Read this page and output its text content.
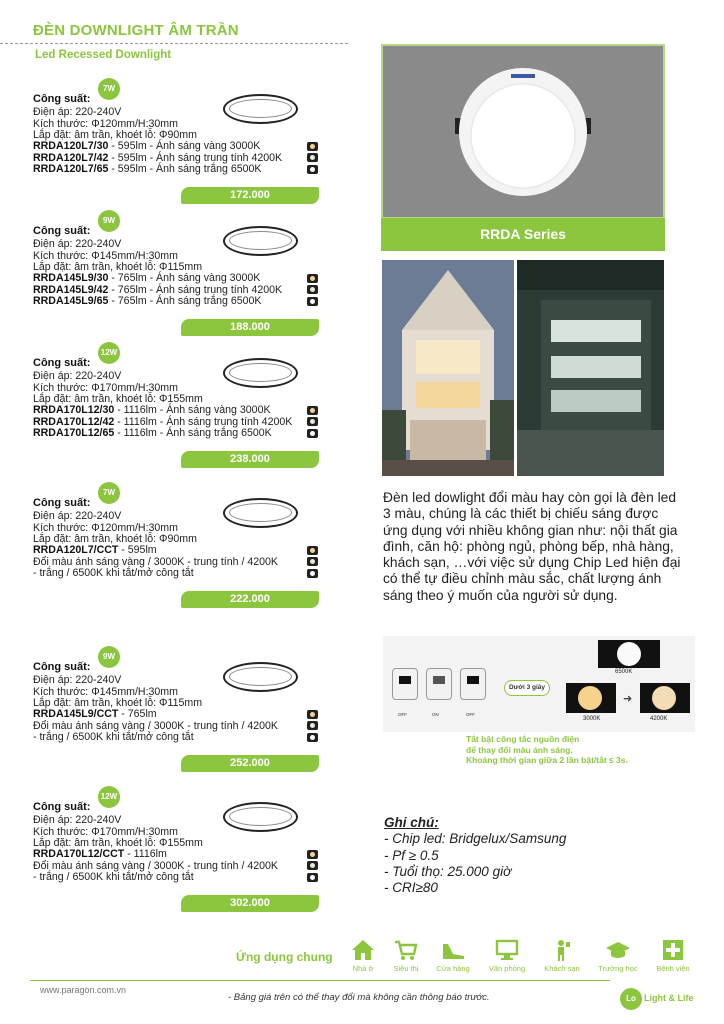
ĐÈN DOWNLIGHT ÂM TRẦN
Led Recessed Downlight
Công suất:
7W
Điện áp: 220-240V
Kích thước: Φ120mm/H:30mm
Lắp đặt: âm trần, khoét lỗ: Φ90mm
RRDA120L7/30 - 595lm - Ánh sáng vàng 3000K
RRDA120L7/42 - 595lm - Ánh sáng trung tính 4200K
RRDA120L7/65 - 595lm - Ánh sáng trắng 6500K
172.000
Công suất:
9W
Điện áp: 220-240V
Kích thước: Φ145mm/H:30mm
Lắp đặt: âm trần, khoét lỗ: Φ115mm
RRDA145L9/30 - 765lm - Ánh sáng vàng 3000K
RRDA145L9/42 - 765lm - Ánh sáng trung tính 4200K
RRDA145L9/65 - 765lm - Ánh sáng trắng 6500K
188.000
Công suất:
12W
Điện áp: 220-240V
Kích thước: Φ170mm/H:30mm
Lắp đặt: âm trần, khoét lỗ: Φ155mm
RRDA170L12/30 - 1116lm - Ánh sáng vàng 3000K
RRDA170L12/42 - 1116lm - Ánh sáng trung tính 4200K
RRDA170L12/65 - 1116lm - Ánh sáng trắng 6500K
238.000
Công suất:
7W
Điện áp: 220-240V
Kích thước: Φ120mm/H:30mm
Lắp đặt: âm trần, khoét lỗ: Φ90mm
RRDA120L7/CCT - 595lm
Đổi màu ánh sáng vàng / 3000K - trung tính / 4200K
- trắng / 6500K khi tắt/mở công tắt
222.000
Công suất:
9W
Điện áp: 220-240V
Kích thước: Φ145mm/H:30mm
Lắp đặt: âm trần, khoét lỗ: Φ115mm
RRDA145L9/CCT - 765lm
Đổi màu ánh sáng vàng / 3000K - trung tính / 4200K
- trắng / 6500K khi tắt/mở công tắt
252.000
Công suất:
12W
Điện áp: 220-240V
Kích thước: Φ170mm/H:30mm
Lắp đặt: âm trần, khoét lỗ: Φ155mm
RRDA170L12/CCT - 1116lm
Đổi màu ánh sáng vàng / 3000K - trung tính / 4200K
- trắng / 6500K khi tắt/mở công tắt
302.000
RRDA Series
Đèn led dowlight đổi màu hay còn gọi là đèn led 3 màu, chúng là các thiết bị chiếu sáng được ứng dụng với nhiều không gian như: nội thất gia đình, căn hộ: phòng ngủ, phòng bếp, nhà hàng, khách sạn, …với việc sử dụng Chip Led hiện đại có thể tự điều chỉnh màu sắc, chất lượng ánh sáng theo ý muốn của người sử dụng.
OFF	ON	OFF
Dưới 3 giây
6500K
➜
3000K	4200K
Tắt bật công tắc nguồn điện
để thay đổi màu ánh sáng.
Khoảng thời gian giữa 2 lần bật/tắt ≤ 3s.
Ghi chú:
- Chip led: Bridgelux/Samsung
- Pf ≥ 0.5
- Tuổi thọ: 25.000 giờ
- CRI≥80
Ứng dụng chung
Nhà ở	Siêu thị	Cửa hàng	Văn phòng	Khách sạn	Trường học	Bệnh viện
www.paragon.com.vn
- Bảng giá trên có thể thay đổi mà không cần thông báo trước.	Lo Light & Life
